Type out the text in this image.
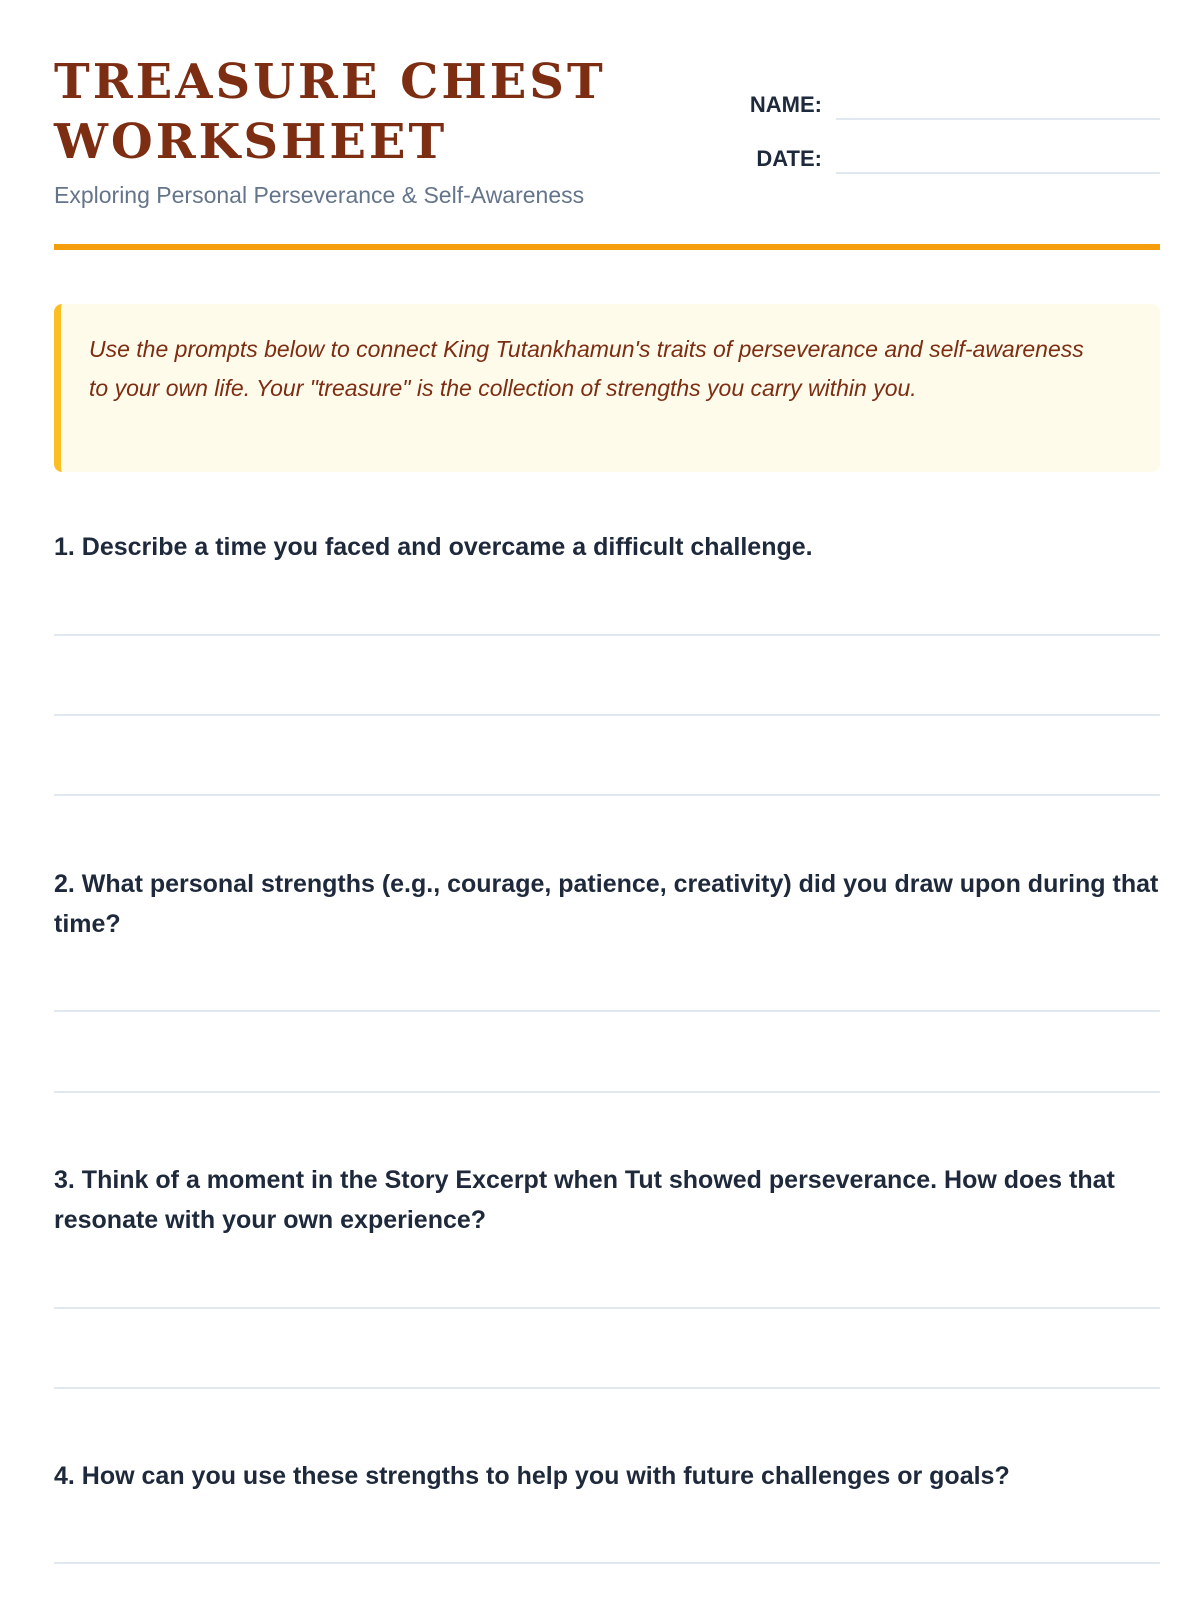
TREASURE CHEST WORKSHEET
Exploring Personal Perseverance & Self-Awareness
NAME:
DATE:
Use the prompts below to connect King Tutankhamun's traits of perseverance and self-awareness to your own life. Your "treasure" is the collection of strengths you carry within you.

1. Describe a time you faced and overcame a difficult challenge.

2. What personal strengths (e.g., courage, patience, creativity) did you draw upon during that time?

3. Think of a moment in the Story Excerpt when Tut showed perseverance. How does that resonate with your own experience?

4. How can you use these strengths to help you with future challenges or goals?
